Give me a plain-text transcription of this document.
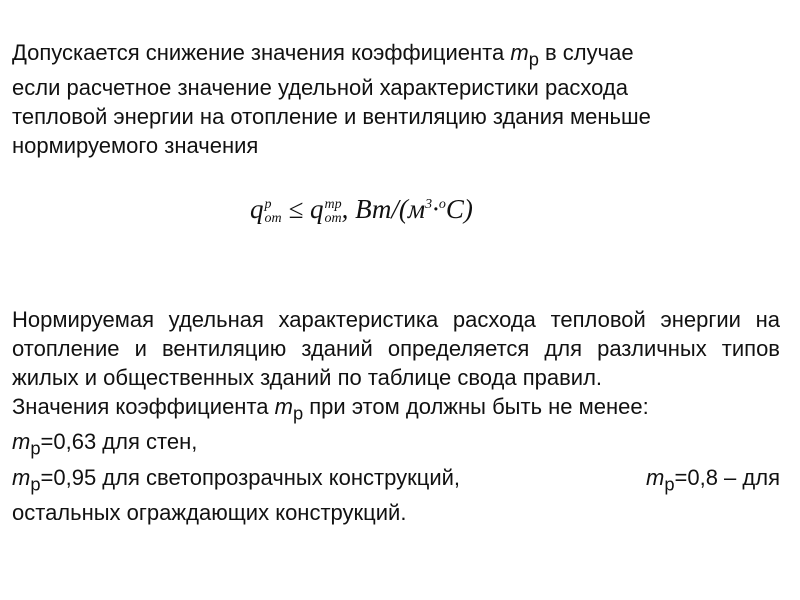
Допускается снижение значения коэффициента $m_р$ в случае
если расчетное значение удельной характеристики расхода
тепловой энергии на отопление и вентиляцию здания меньше
нормируемого значения
q р
от ≤ q тр
от , $Вт/(м^3\cdot^оС)$
Нормируемая удельная характеристика расхода тепловой энергии на отопление и вентиляцию зданий определяется для различных типов жилых и общественных зданий по таблице свода правил.
Значения коэффициента $m_р$ при этом должны быть не менее:
$m_р=0,63$ для стен,
$m_р=0,95$ для светопрозрачных конструкций,	$m_р=0,8$ – для
остальных ограждающих конструкций.
